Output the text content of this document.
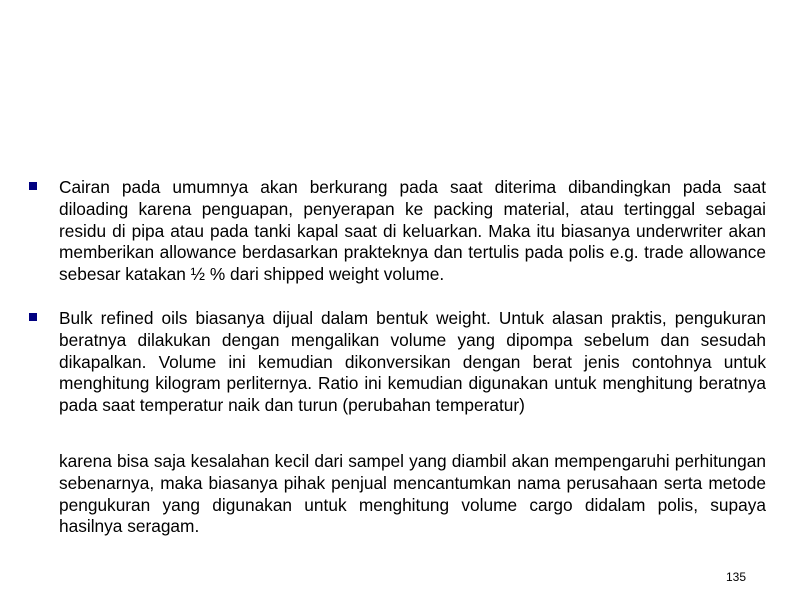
Cairan pada umumnya akan berkurang pada saat diterima dibandingkan pada saat diloading karena penguapan, penyerapan ke packing material, atau tertinggal sebagai residu di pipa atau pada tanki kapal saat di keluarkan. Maka itu biasanya underwriter akan memberikan allowance berdasarkan prakteknya dan tertulis pada polis e.g. trade allowance sebesar katakan ½ % dari shipped weight volume.
Bulk refined oils biasanya dijual dalam bentuk weight. Untuk alasan praktis, pengukuran beratnya dilakukan dengan mengalikan volume yang dipompa sebelum dan sesudah dikapalkan. Volume ini kemudian dikonversikan dengan berat jenis contohnya untuk menghitung kilogram perliternya. Ratio ini kemudian digunakan untuk menghitung beratnya pada saat temperatur naik dan turun (perubahan temperatur)
karena bisa saja kesalahan kecil dari sampel yang diambil akan mempengaruhi perhitungan sebenarnya, maka biasanya pihak penjual mencantumkan nama perusahaan serta metode pengukuran yang digunakan untuk menghitung volume cargo didalam polis, supaya hasilnya seragam.
135
